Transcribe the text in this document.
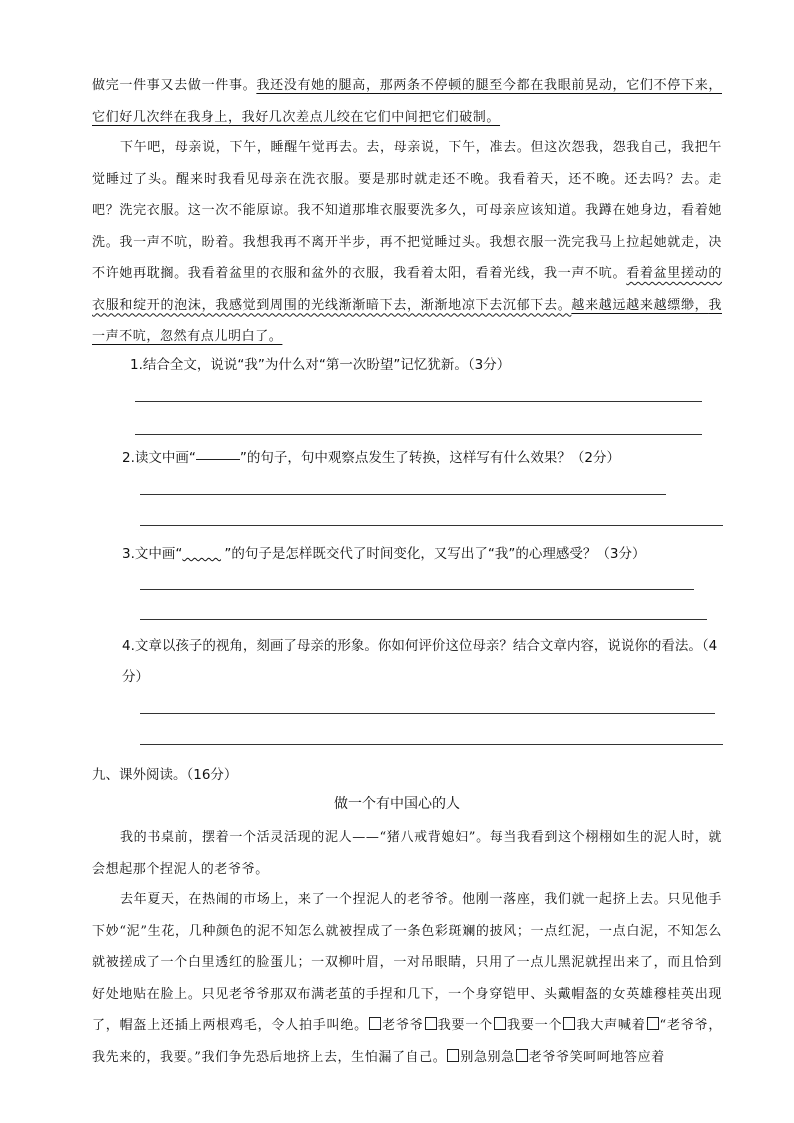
做完一件事又去做一件事。我还没有她的腿高，那两条不停顿的腿至今都在我眼前晃动，它们不停下来，它们好几次绊在我身上，我好几次差点儿绞在它们中间把它们破制。

下午吧，母亲说，下午，睡醒午觉再去。去，母亲说，下午，准去。但这次怨我，怨我自己，我把午觉睡过了头。醒来时我看见母亲在洗衣服。要是那时就走还不晚。我看着天，还不晚。还去吗？去。走吧？洗完衣服。这一次不能原谅。我不知道那堆衣服要洗多久，可母亲应该知道。我蹲在她身边，看着她洗。我一声不吭，盼着。我想我再不离开半步，再不把觉睡过头。我想衣服一洗完我马上拉起她就走，决不许她再耽搁。我看着盆里的衣服和盆外的衣服，我看着太阳，看着光线，我一声不吭。看着盆里搓动的衣服和绽开的泡沫，我感觉到周围的光线渐渐暗下去，渐渐地凉下去沉郁下去。越来越远越来越缥缈，我一声不吭，忽然有点儿明白了。

1.结合全文，说说“我”为什么对“第一次盼望”记忆犹新。（3分）

2.读文中画“	”的句子，句中观察点发生了转换，这样写有什么效果？（2分）

3.文中画“	”的句子是怎样既交代了时间变化，又写出了“我”的心理感受？（3分）

4.文章以孩子的视角，刻画了母亲的形象。你如何评价这位母亲？结合文章内容，说说你的看法。（4分）

九、课外阅读。（16分）

做一个有中国心的人

我的书桌前，摆着一个活灵活现的泥人——“猪八戒背媳妇”。每当我看到这个栩栩如生的泥人时，就会想起那个捏泥人的老爷爷。

去年夏天，在热闹的市场上，来了一个捏泥人的老爷爷。他刚一落座，我们就一起挤上去。只见他手下妙“泥”生花，几种颜色的泥不知怎么就被捏成了一条色彩斑斓的披风；一点红泥，一点白泥，不知怎么就被搓成了一个白里透红的脸蛋儿；一双柳叶眉，一对吊眼睛，只用了一点儿黑泥就捏出来了，而且恰到好处地贴在脸上。只见老爷爷那双布满老茧的手捏和几下，一个身穿铠甲、头戴帽盔的女英雄穆桂英出现了，帽盔上还插上两根鸡毛，令人拍手叫绝。 老爷爷 我要一个 我要一个 我大声喊着 “老爷爷，我先来的，我要。”我们争先恐后地挤上去，生怕漏了自己。 别急别急 老爷爷笑呵呵地答应着
